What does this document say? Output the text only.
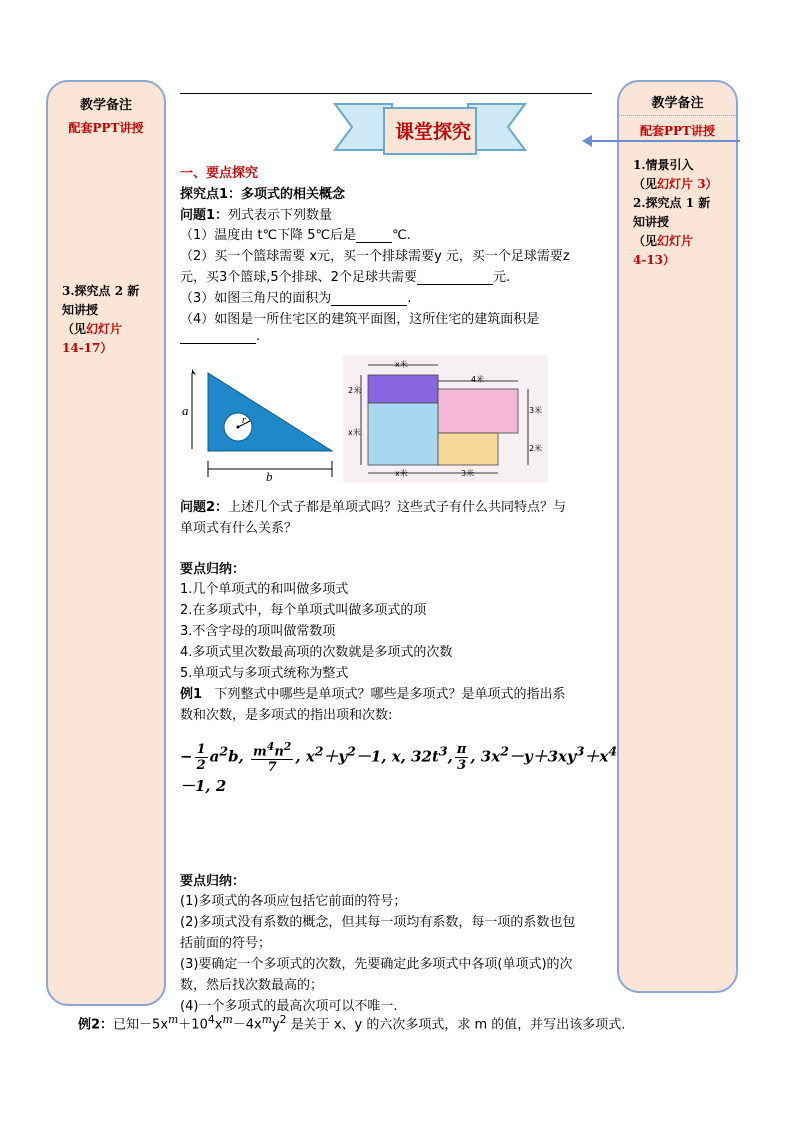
教学备注
配套PPT讲授
3.探究点 2 新
知讲授
（见幻灯片
14-17）
教学备注
配套PPT讲授
1.情景引入
（见幻灯片 3）
2.探究点 1 新
知讲授
（见幻灯片
4-13）
课堂探究
一、要点探究
探究点1：多项式的相关概念
问题1：列式表示下列数量
（1）温度由 t℃下降 5℃后是	℃.
（2）买一个篮球需要 x元，买一个排球需要y 元，买一个足球需要z
元，买3个篮球,5个排球、2个足球共需要	元.
（3）如图三角尺的面积为	.
（4）如图是一所住宅区的建筑平面图，这所住宅的建筑面积是
.
a
r
b
x米
4米
2米
x米
3米
2米
x米	3米
问题2：上述几个式子都是单项式吗？这些式子有什么共同特点？与
单项式有什么关系？
要点归纳：
1.几个单项式的和叫做多项式
2.在多项式中，每个单项式叫做多项式的项
3.不含字母的项叫做常数项
4.多项式里次数最高项的次数就是多项式的次数
5.单项式与多项式统称为整式
例1 下列整式中哪些是单项式？哪些是多项式？是单项式的指出系
数和次数，是多项式的指出项和次数:
− $\frac{1}{2} a^2b$, $\frac{m^4n^2}{7}$ , $x^2+y^2-1$, x, $32t^3$, $\frac{\pi}{3}$ , $3x^2-y+3xy^3+x^4-1$, 2
要点归纳：
(1)多项式的各项应包括它前面的符号；
(2)多项式没有系数的概念，但其每一项均有系数，每一项的系数也包
括前面的符号；
(3)要确定一个多项式的次数，先要确定此多项式中各项(单项式)的次
数，然后找次数最高的；
(4)一个多项式的最高次项可以不唯一.
例2：已知$-5x^m+10^4x^m-4x^my^2$ 是关于 x、y 的六次多项式，求 m 的值，并写出该多项式.
